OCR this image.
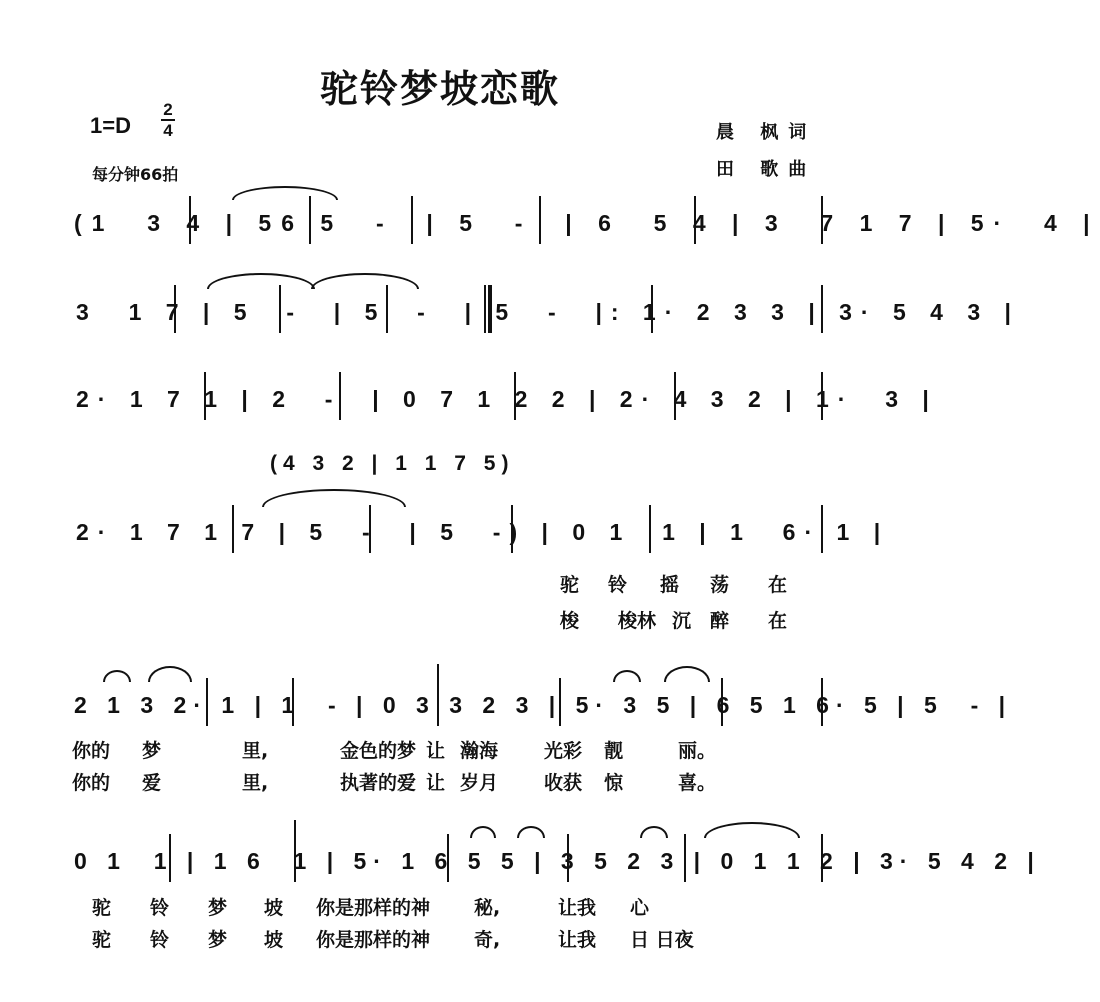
驼铃梦坡恋歌
1=D
2
4
每分钟66拍
晨 枫词
田 歌曲
(1  3 4 | 56 5  -  | 5  -  | 6  5 4 | 3  7 1 7 | 5·  4 |
3  1 7 | 5  -  | 5  -  | 5  -  |: 1· 2 3 3 | 3· 5 4 3 |
2· 1 7 1 | 2  -  | 0 7 1 2 2 | 2· 4 3 2 | 1·  3 |
(4 3 2 | 1 1 7 5)
2· 1 7 1 7 | 5  -  | 5  -) | 0 1  1 | 1  6· 1 |
驼 铃 摇 荡 在
梭 梭林 沉 醉 在
2 1 3 2· 1 | 1  - | 0 3 3 2 3 | 5· 3 5 | 6 5 1 6· 5 | 5  - |
你的 梦	里,	金色的梦 让 瀚海 光彩 靓	丽。
你的 爱	里,	执著的爱 让 岁月 收获 惊	喜。
0 1  1 | 1 6  1 | 5· 1 6 5 5 | 3 5 2 3 | 0 1 1 2 | 3· 5 4 2 |
驼 铃 梦 坡 你是那样的神 秘,	让我 心
驼 铃 梦 坡 你是那样的神 奇,	让我 日 日夜
